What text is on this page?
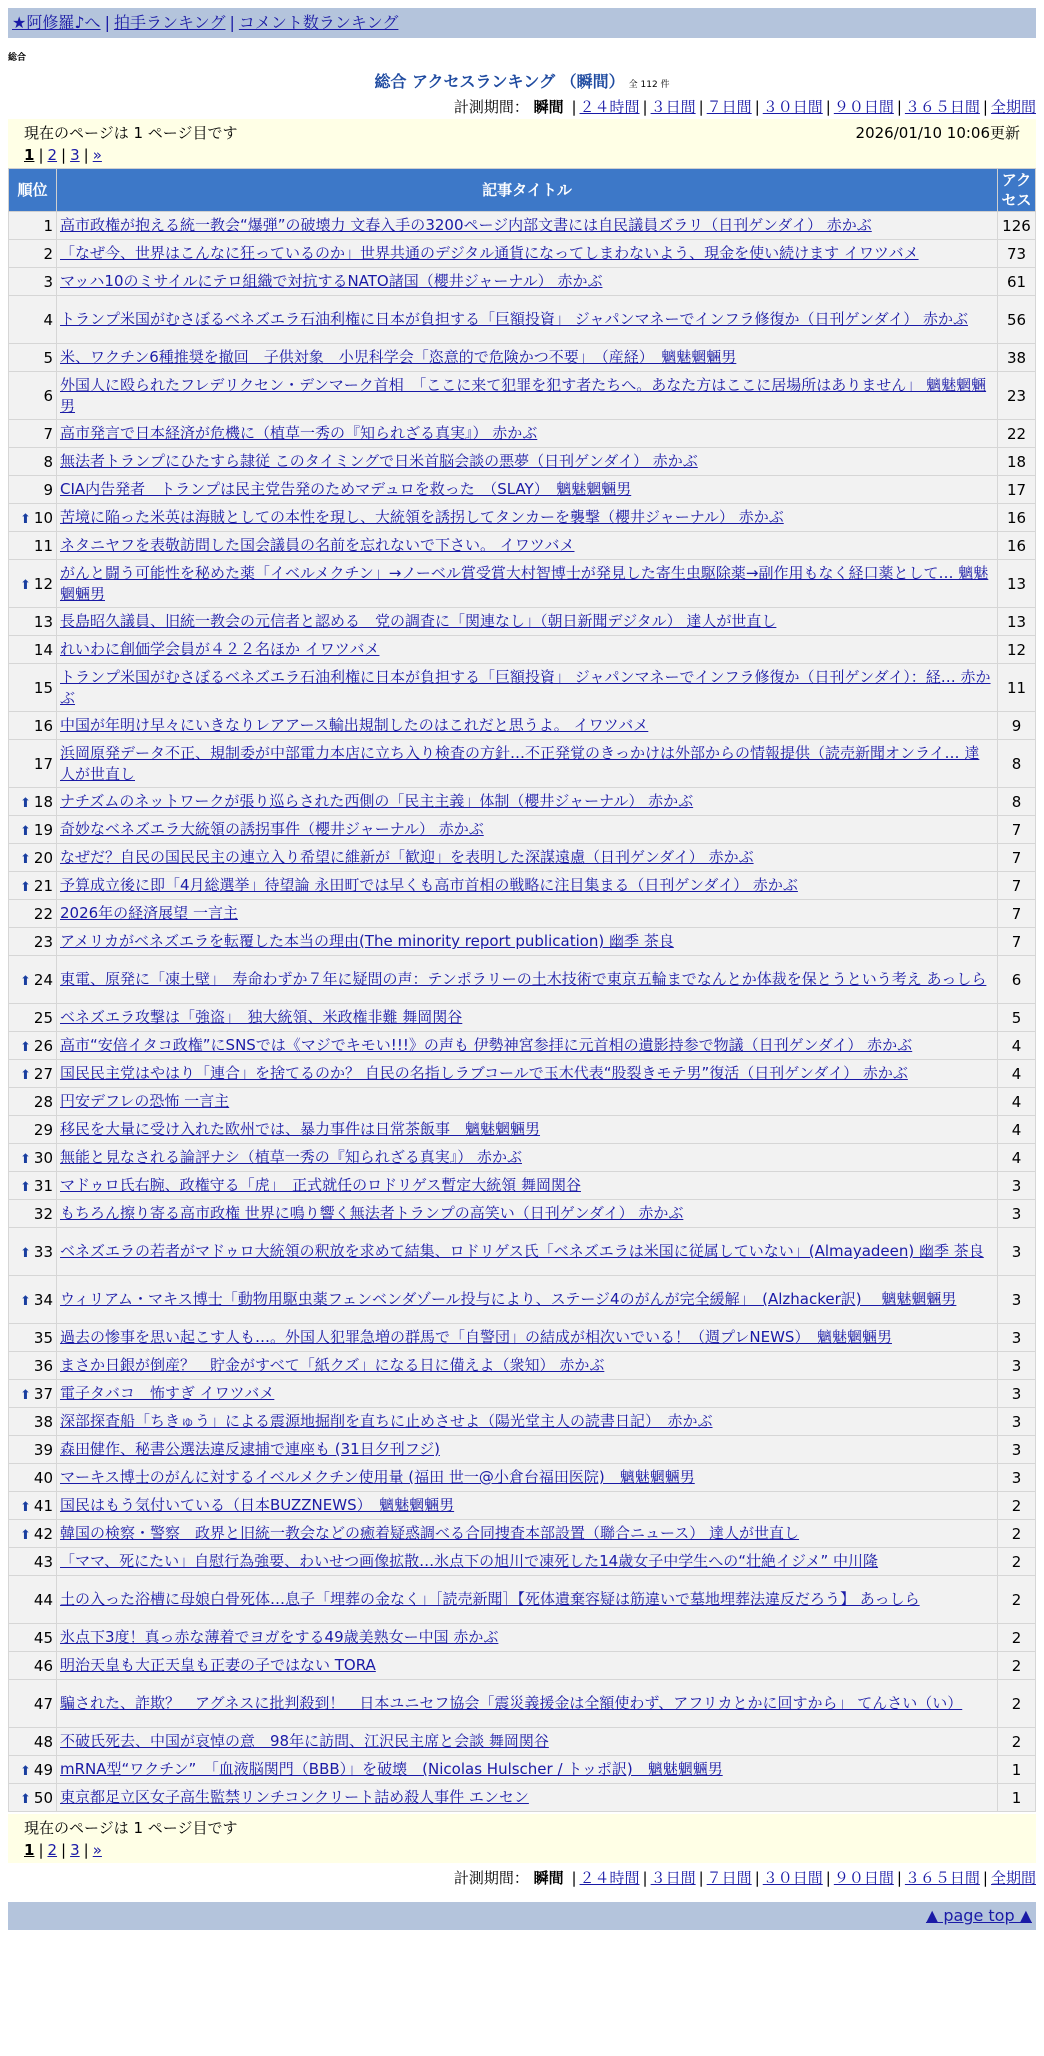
★阿修羅♪へ | 拍手ランキング | コメント数ランキング
総合
総合 アクセスランキング （瞬間） 全 112 件
計測期間： 瞬間 | ２４時間 | ３日間 | ７日間 | ３０日間 | ９０日間 | ３６５日間 | 全期間
現在のページは 1 ページ目です	2026/01/10 10:06更新
1 | 2 | 3 | »
順位	記事タイトル	アクセス
1	高市政権が抱える統一教会“爆弾”の破壊力 文春入手の3200ページ内部文書には自民議員ズラリ（日刊ゲンダイ） 赤かぶ	126
2	「なぜ今、世界はこんなに狂っているのか」世界共通のデジタル通貨になってしまわないよう、現金を使い続けます イワツバメ	73
3	マッハ10のミサイルにテロ組織で対抗するNATO諸国（櫻井ジャーナル） 赤かぶ	61
4	トランプ米国がむさぼるベネズエラ石油利権に日本が負担する「巨額投資」 ジャパンマネーでインフラ修復か（日刊ゲンダイ） 赤かぶ	56
5	米、ワクチン6種推奨を撤回　子供対象　小児科学会「恣意的で危険かつ不要」　（産経）　魑魅魍魎男	38
6	外国人に殴られたフレデリクセン・デンマーク首相　「ここに来て犯罪を犯す者たちへ。あなた方はここに居場所はありません」 魑魅魍魎男	23
7	高市発言で日本経済が危機に（植草一秀の『知られざる真実』） 赤かぶ	22
8	無法者トランプにひたすら隷従 このタイミングで日米首脳会談の悪夢（日刊ゲンダイ） 赤かぶ	18
9	CIA内告発者　トランプは民主党告発のためマデュロを救った　（SLAY）　魑魅魍魎男	17
⬆ 10	苦境に陥った米英は海賊としての本性を現し、大統領を誘拐してタンカーを襲撃（櫻井ジャーナル） 赤かぶ	16
11	ネタニヤフを表敬訪問した国会議員の名前を忘れないで下さい。 イワツバメ	16
⬆ 12	がんと闘う可能性を秘めた薬「イベルメクチン」→ノーベル賞受賞大村智博士が発見した寄生虫駆除薬→副作用もなく経口薬として… 魑魅魍魎男	13
13	長島昭久議員、旧統一教会の元信者と認める　党の調査に「関連なし」（朝日新聞デジタル） 達人が世直し	13
14	れいわに創価学会員が４２２名ほか イワツバメ	12
15	トランプ米国がむさぼるベネズエラ石油利権に日本が負担する「巨額投資」 ジャパンマネーでインフラ修復か（日刊ゲンダイ）：経… 赤かぶ	11
16	中国が年明け早々にいきなりレアアース輸出規制したのはこれだと思うよ。 イワツバメ	9
17	浜岡原発データ不正、規制委が中部電力本店に立ち入り検査の方針…不正発覚のきっかけは外部からの情報提供（読売新聞オンライ… 達人が世直し	8
⬆ 18	ナチズムのネットワークが張り巡らされた西側の「民主主義」体制（櫻井ジャーナル） 赤かぶ	8
⬆ 19	奇妙なベネズエラ大統領の誘拐事件（櫻井ジャーナル） 赤かぶ	7
⬆ 20	なぜだ？自民の国民民主の連立入り希望に維新が「歓迎」を表明した深謀遠慮（日刊ゲンダイ） 赤かぶ	7
⬆ 21	予算成立後に即「4月総選挙」待望論 永田町では早くも高市首相の戦略に注目集まる（日刊ゲンダイ） 赤かぶ	7
22	2026年の経済展望 一言主	7
23	アメリカがベネズエラを転覆した本当の理由(The minority report publication) 幽季 茶良	7
⬆ 24	東電、原発に「凍土壁」　寿命わずか７年に疑問の声：テンポラリーの土木技術で東京五輪までなんとか体裁を保とうという考え あっしら	6
25	ベネズエラ攻撃は「強盗」　独大統領、米政権非難 舞岡関谷	5
⬆ 26	高市“安倍イタコ政権”にSNSでは《マジでキモい!!!》の声も 伊勢神宮参拝に元首相の遺影持参で物議（日刊ゲンダイ） 赤かぶ	4
⬆ 27	国民民主党はやはり「連合」を捨てるのか？ 自民の名指しラブコールで玉木代表“股裂きモテ男”復活（日刊ゲンダイ） 赤かぶ	4
28	円安デフレの恐怖 一言主	4
29	移民を大量に受け入れた欧州では、暴力事件は日常茶飯事　魑魅魍魎男	4
⬆ 30	無能と見なされる論評ナシ（植草一秀の『知られざる真実』） 赤かぶ	4
⬆ 31	マドゥロ氏右腕、政権守る「虎」　正式就任のロドリゲス暫定大統領 舞岡関谷	3
32	もちろん擦り寄る高市政権 世界に鳴り響く無法者トランプの高笑い（日刊ゲンダイ） 赤かぶ	3
⬆ 33	ベネズエラの若者がマドゥロ大統領の釈放を求めて結集、ロドリゲス氏「ベネズエラは米国に従属していない」(Almayadeen) 幽季 茶良	3
⬆ 34	ウィリアム・マキス博士「動物用駆虫薬フェンベンダゾール投与により、ステージ4のがんが完全緩解」　(Alzhacker訳)　 魑魅魍魎男	3
35	過去の惨事を思い起こす人も…。外国人犯罪急増の群馬で「自警団」の結成が相次いでいる！（週プレNEWS）　魑魅魍魎男	3
36	まさか日銀が倒産？　貯金がすべて「紙クズ」になる日に備えよ（衆知） 赤かぶ	3
⬆ 37	電子タバコ　怖すぎ イワツバメ	3
38	深部探査船「ちきゅう」による震源地掘削を直ちに止めさせよ（陽光堂主人の読書日記）　赤かぶ	3
39	森田健作、秘書公選法違反逮捕で連座も (31日夕刊フジ)	3
40	マーキス博士のがんに対するイベルメクチン使用量 (福田 世一@小倉台福田医院)　魑魅魍魎男	3
⬆ 41	国民はもう気付いている（日本BUZZNEWS）　魑魅魍魎男	2
⬆ 42	韓国の検察・警察　政界と旧統一教会などの癒着疑惑調べる合同捜査本部設置（聯合ニュース） 達人が世直し	2
43	「ママ、死にたい」自慰行為強要、わいせつ画像拡散…氷点下の旭川で凍死した14歳女子中学生への“壮絶イジメ” 中川隆	2
44	土の入った浴槽に母娘白骨死体…息子「埋葬の金なく」［読売新聞］【死体遺棄容疑は筋違いで墓地埋葬法違反だろう】 あっしら	2
45	氷点下3度！真っ赤な薄着でヨガをする49歳美熟女ー中国 赤かぶ	2
46	明治天皇も大正天皇も正妻の子ではない TORA	2
47	騙された、詐欺？　アグネスに批判殺到！　日本ユニセフ協会「震災義援金は全額使わず、アフリカとかに回すから」 てんさい（い）	2
48	不破氏死去、中国が哀悼の意　98年に訪問、江沢民主席と会談 舞岡関谷	2
⬆ 49	mRNA型“ワクチン”　「血液脳関門（BBB）」を破壊　(Nicolas Hulscher / トッポ訳)　魑魅魍魎男	1
⬆ 50	東京都足立区女子高生監禁リンチコンクリート詰め殺人事件 エンセン	1
現在のページは 1 ページ目です
1 | 2 | 3 | »
計測期間： 瞬間 | ２４時間 | ３日間 | ７日間 | ３０日間 | ９０日間 | ３６５日間 | 全期間
▲ page top ▲
